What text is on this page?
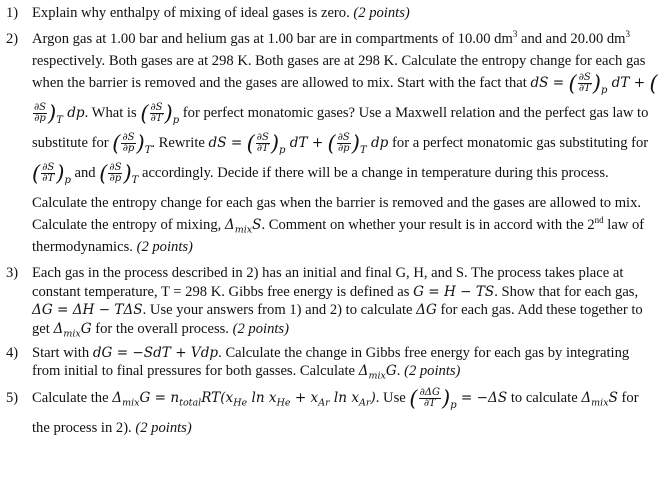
1) Explain why enthalpy of mixing of ideal gases is zero. (2 points)
2) Argon gas at 1.00 bar and helium gas at 1.00 bar are in compartments of 10.00 $dm^3$ and and 20.00 $dm^3$ respectively. Both gases are at 298 K. Both gases are at 298 K. Calculate the entropy change for each gas when the barrier is removed and the gases are allowed to mix. Start with the fact that dS = ( $\frac{\partial S}{\partial T} )_p$ dT + (
$\frac{\partial S}{\partial p} )_T$ dp. What is ( $\frac{\partial S}{\partial T} )_p$ for perfect monatomic gases? Use a Maxwell relation and the perfect gas law to substitute for ( $\frac{\partial S}{\partial p} )_T$. Rewrite dS = ( $\frac{\partial S}{\partial T} )_p$ dT + ( $\frac{\partial S}{\partial p} )_T$ dp for a perfect monatomic gas substituting for ( $\frac{\partial S}{\partial T} )_p$ and ( $\frac{\partial S}{\partial p} )_T$ accordingly. Decide if there will be a change in temperature during this process. Calculate the entropy change for each gas when the barrier is removed and the gases are allowed to mix. Calculate the entropy of mixing, $\Delta_{mix}S$. Comment on whether your result is in accord with the 2nd law of thermodynamics. (2 points)
3) Each gas in the process described in 2) has an initial and final G, H, and S. The process takes place at constant temperature, T = 298 K. Gibbs free energy is defined as G = H − TS. Show that for each gas, ΔG = ΔH − TΔS. Use your answers from 1) and 2) to calculate ΔG for each gas. Add these together to get $\Delta_{mix}G$ for the overall process. (2 points)
4) Start with dG = −SdT + Vdp. Calculate the change in Gibbs free energy for each gas by integrating from initial to final pressures for both gasses. Calculate $\Delta_{mix}G$. (2 points)
5) Calculate the $\Delta_{mix}G = n_{total}RT(x_{He}$ $\ln x_{He} + x_{Ar}$ $\ln x_{Ar}$). Use ( $\frac{\partial\Delta G}{\partial T} )_p = -\Delta S$ to calculate $\Delta_{mix}S$ for the process in 2). (2 points)
